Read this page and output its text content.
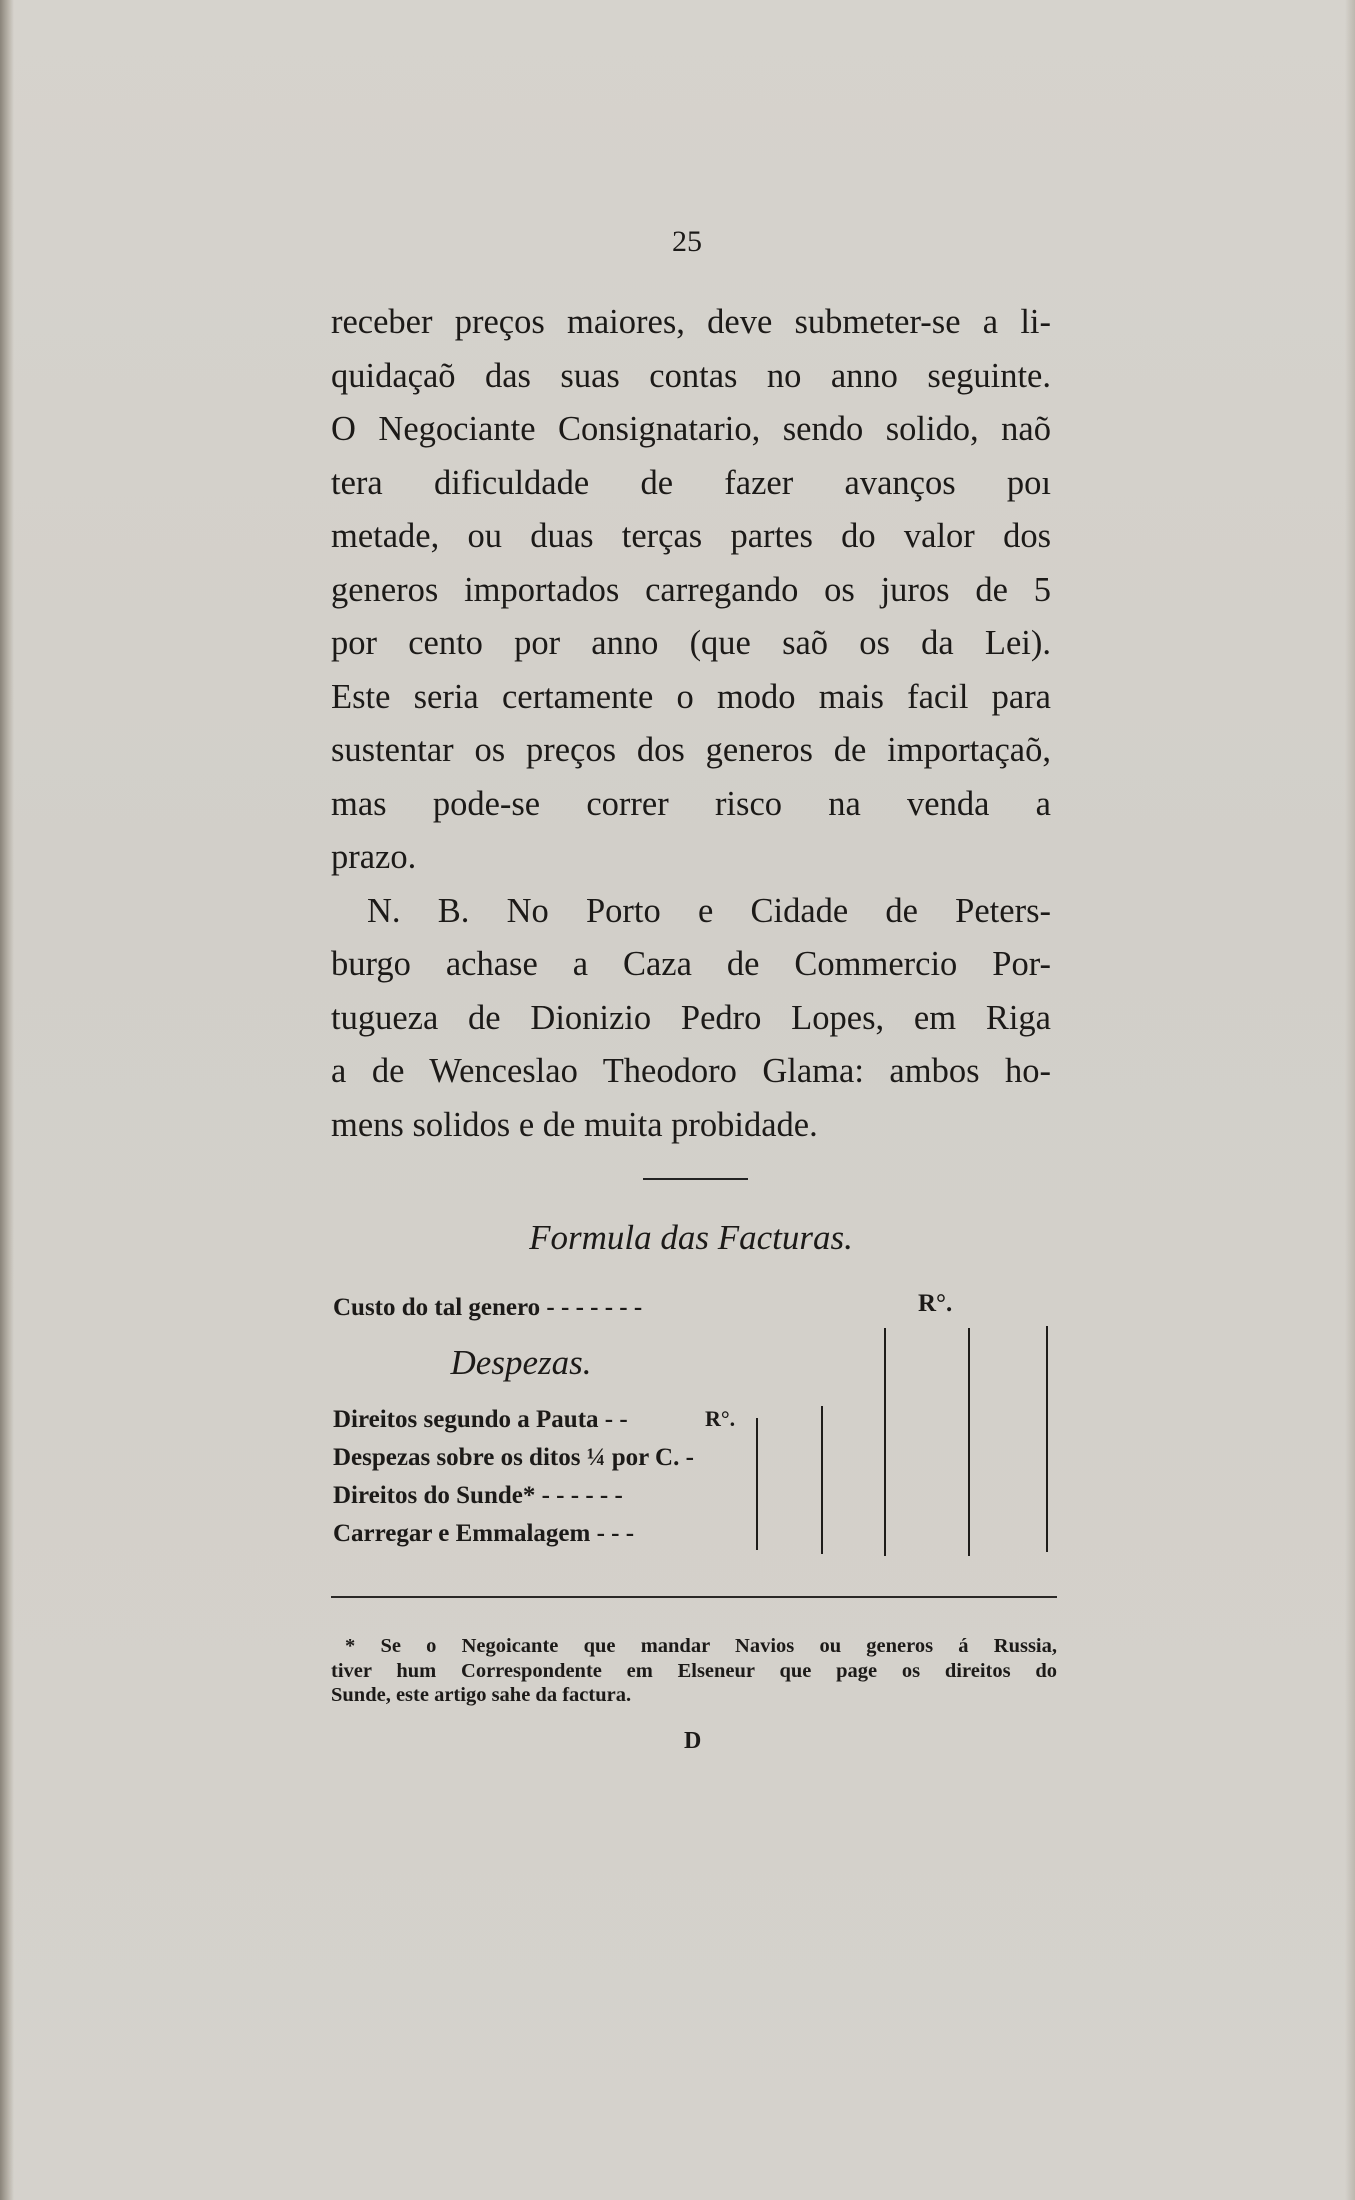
25
receber preços maiores, deve submeter-se a li-
quidaçaõ das suas contas no anno seguinte.
O Negociante Consignatario, sendo solido, naõ
tera dificuldade de fazer avanços poı
metade, ou duas terças partes do valor dos
generos importados carregando os juros de 5
por cento por anno (que saõ os da Lei).
Este seria certamente o modo mais facil para
sustentar os preços dos generos de importaçaõ,
mas pode-se correr risco na venda a
prazo.
N. B. No Porto e Cidade de Peters-
burgo achase a Caza de Commercio Por-
tugueza de Dionizio Pedro Lopes, em Riga
a de Wenceslao Theodoro Glama: ambos ho-
mens solidos e de muita probidade.
Formula das Facturas.
Custo do tal genero - - - - - - -	R°.
Despezas.
Direitos segundo a Pauta - -	R°.
Despezas sobre os ditos ¼ por C. -
Direitos do Sunde* - - - - - -
Carregar e Emmalagem - - -
* Se o Negoicante que mandar Navios ou generos á Russia,
tiver hum Correspondente em Elseneur que page os direitos do
Sunde, este artigo sahe da factura.
D
